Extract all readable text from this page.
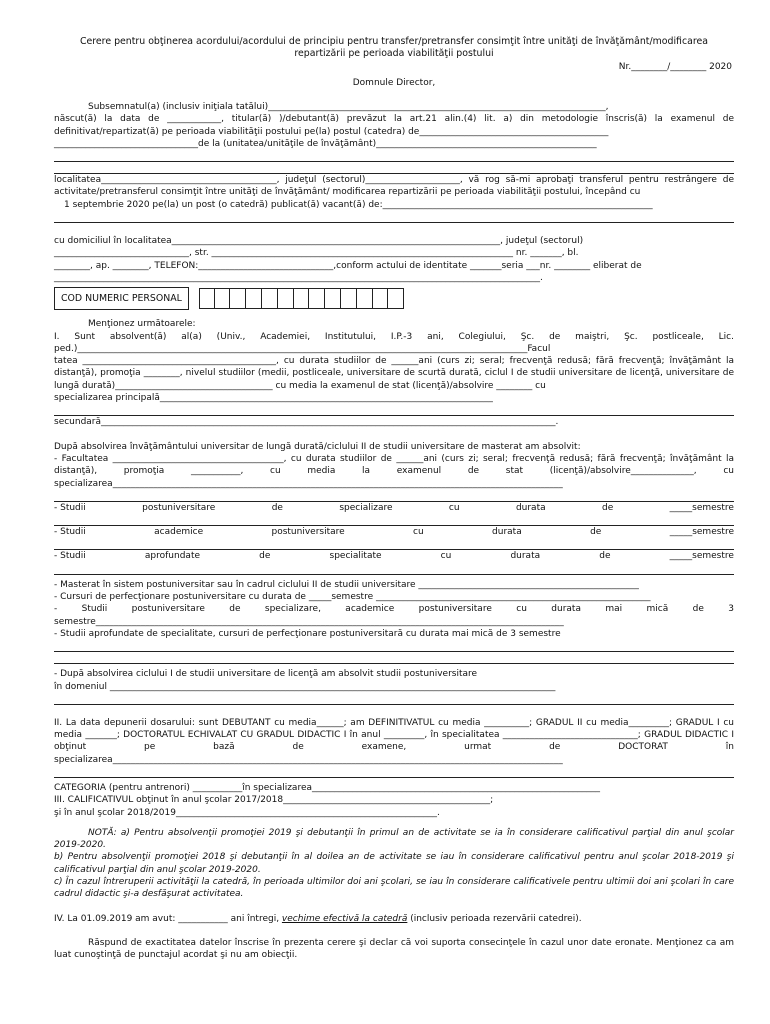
Cerere pentru obţinerea acordului/acordului de principiu pentru transfer/pretransfer consimţit între unităţi de învăţământ/modificarea repartizării pe perioada viabilităţii postului
Nr.________/________ 2020
Domnule Director,
Subsemnatul(a) (inclusiv iniţiala tatălui)___________________________________________________________________________,
născut(ă) la data de ____________, titular(ă) )/debutant(ă) prevăzut la art.21 alin.(4) lit. a) din metodologie înscris(ă) la examenul de definitivat/repartizat(ă) pe perioada viabilităţii postului pe(la) postul (catedra) de__________________________________________
________________________________de la (unitatea/unităţile de învăţământ)_________________________________________________
localitatea_______________________________________, judeţul (sectorul)_____________________, vă rog să-mi aprobaţi transferul pentru restrângere de activitate/pretransferul consimţit între unităţi de învăţământ/ modificarea repartizării pe perioada viabilităţii postului, începând cu
1 septembrie 2020 pe(la) un post (o catedră) publicat(ă) vacant(ă) de:____________________________________________________________
cu domiciliul în localitatea_________________________________________________________________________, judeţul (sectorul)
______________________________, str. ___________________________________________________________________ nr. _______, bl.
________, ap. ________, TELEFON:______________________________,conform actului de identitate _______seria ___nr. ________ eliberat de
____________________________________________________________________________________________________________.
COD NUMERIC PERSONAL
Menţionez următoarele:
I. Sunt absolvent(ă) al(a) (Univ., Academiei, Institutului, I.P.-3 ani, Colegiului, Şc. de maiştri, Şc. postliceale, Lic. ped.)____________________________________________________________________________________________________Facul
tatea ___________________________________________, cu durata studiilor de ______ani (curs zi; seral; frecvenţă redusă; fără frecvenţă; învăţământ la distanţă), promoţia ________, nivelul studiilor (medii, postliceale, universitare de scurtă durată, ciclul I de studii universitare de licenţă, universitare de lungă durată)___________________________________ cu media la examenul de stat (licenţă)/absolvire ________ cu
specializarea principală__________________________________________________________________________
secundară_____________________________________________________________________________________________________.
După absolvirea învăţământului universitar de lungă durată/ciclului II de studii universitare de masterat am absolvit:
- Facultatea ______________________________________, cu durata studiilor de ______ani (curs zi; seral; frecvenţă redusă; fără frecvenţă; învăţământ la distanţă), promoţia ___________, cu media la examenul de stat (licenţă)/absolvire______________, cu specializarea____________________________________________________________________________________________________
- Studii	postuniversitare	de	specializare	cu	durata	de	_____semestre
- Studii	academice	postuniversitare	cu	durata	de	_____semestre
- Studii	aprofundate	de	specialitate	cu	durata	de	_____semestre
- Masterat în sistem postuniversitar sau în cadrul ciclului II de studii universitare _________________________________________________
- Cursuri de perfecţionare postuniversitare cu durata de _____semestre _____________________________________________________________
- Studii postuniversitare de specializare, academice postuniversitare cu durata mai mică de 3 semestre________________________________________________________________________________________________________
- Studii aprofundate de specialitate, cursuri de perfecţionare postuniversitară cu durata mai mică de 3 semestre
- După absolvirea ciclului I de studii universitare de licenţă am absolvit studii postuniversitare
în domeniul ___________________________________________________________________________________________________
II. La data depunerii dosarului: sunt DEBUTANT cu media______; am DEFINITIVATUL cu media __________; GRADUL II cu media_________; GRADUL I cu media _______; DOCTORATUL ECHIVALAT CU GRADUL DIDACTIC I în anul _________, în specialitatea ______________________________; GRADUL DIDACTIC I obţinut pe bază de examene, urmat de DOCTORAT în specializarea____________________________________________________________________________________________________
CATEGORIA (pentru antrenori) ___________în specializarea________________________________________________________________
III. CALIFICATIVUL obţinut în anul şcolar 2017/2018______________________________________________;
şi în anul şcolar 2018/2019__________________________________________________________.
NOTĂ: a) Pentru absolvenţii promoţiei 2019 şi debutanţii în primul an de activitate se ia în considerare calificativul parţial din anul şcolar 2019-2020.
b) Pentru absolvenţii promoţiei 2018 şi debutanţii în al doilea an de activitate se iau în considerare calificativul pentru anul şcolar 2018-2019 şi calificativul parţial din anul şcolar 2019-2020.
c) În cazul întreruperii activităţii la catedră, în perioada ultimilor doi ani şcolari, se iau în considerare calificativele pentru ultimii doi ani şcolari în care cadrul didactic şi-a desfăşurat activitatea.
IV. La 01.09.2019 am avut: ___________ ani întregi, vechime efectivă la catedră (inclusiv perioada rezervării catedrei).
Răspund de exactitatea datelor înscrise în prezenta cerere şi declar că voi suporta consecinţele în cazul unor date eronate. Menţionez ca am luat cunoştinţă de punctajul acordat şi nu am obiecţii.
